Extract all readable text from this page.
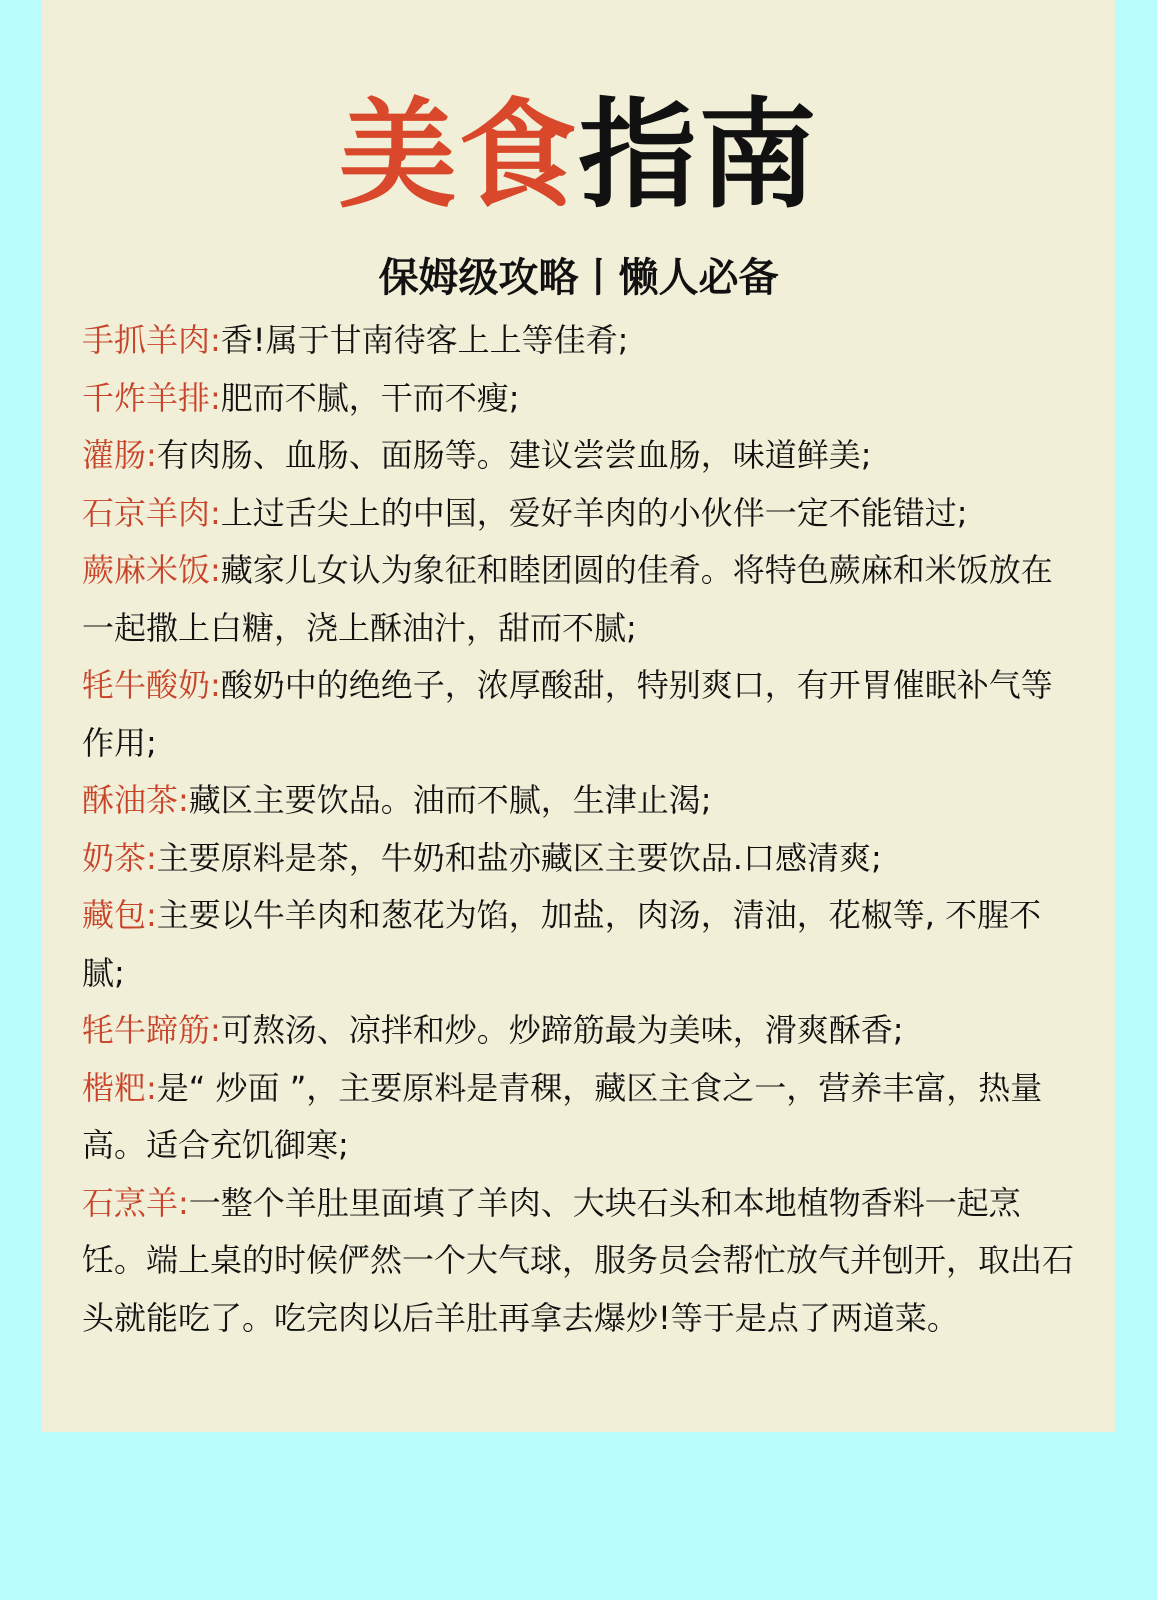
美食指南
保姆级攻略丨懒人必备

手抓羊肉:香!属于甘南待客上上等佳肴;

千炸羊排:肥而不腻，干而不瘦;

灌肠:有肉肠、血肠、面肠等。建议尝尝血肠，味道鲜美;

石京羊肉:上过舌尖上的中国，爱好羊肉的小伙伴一定不能错过;

蕨麻米饭:藏家儿女认为象征和睦团圆的佳肴。将特色蕨麻和米饭放在一起撒上白糖，浇上酥油汁，甜而不腻;

牦牛酸奶:酸奶中的绝绝子，浓厚酸甜，特别爽口，有开胃催眠补气等作用;

酥油茶:藏区主要饮品。油而不腻，生津止渴;

奶茶:主要原料是茶，牛奶和盐亦藏区主要饮品.口感清爽;

藏包:主要以牛羊肉和葱花为馅，加盐，肉汤，清油，花椒等, 不腥不腻;

牦牛蹄筋:可熬汤、凉拌和炒。炒蹄筋最为美味，滑爽酥香;

楷粑:是“ 炒面 ”，主要原料是青稞，藏区主食之一，营养丰富，热量高。适合充饥御寒;

石烹羊:一整个羊肚里面填了羊肉、大块石头和本地植物香料一起烹饪。端上桌的时候俨然一个大气球，服务员会帮忙放气并刨开，取出石头就能吃了。吃完肉以后羊肚再拿去爆炒!等于是点了两道菜。
